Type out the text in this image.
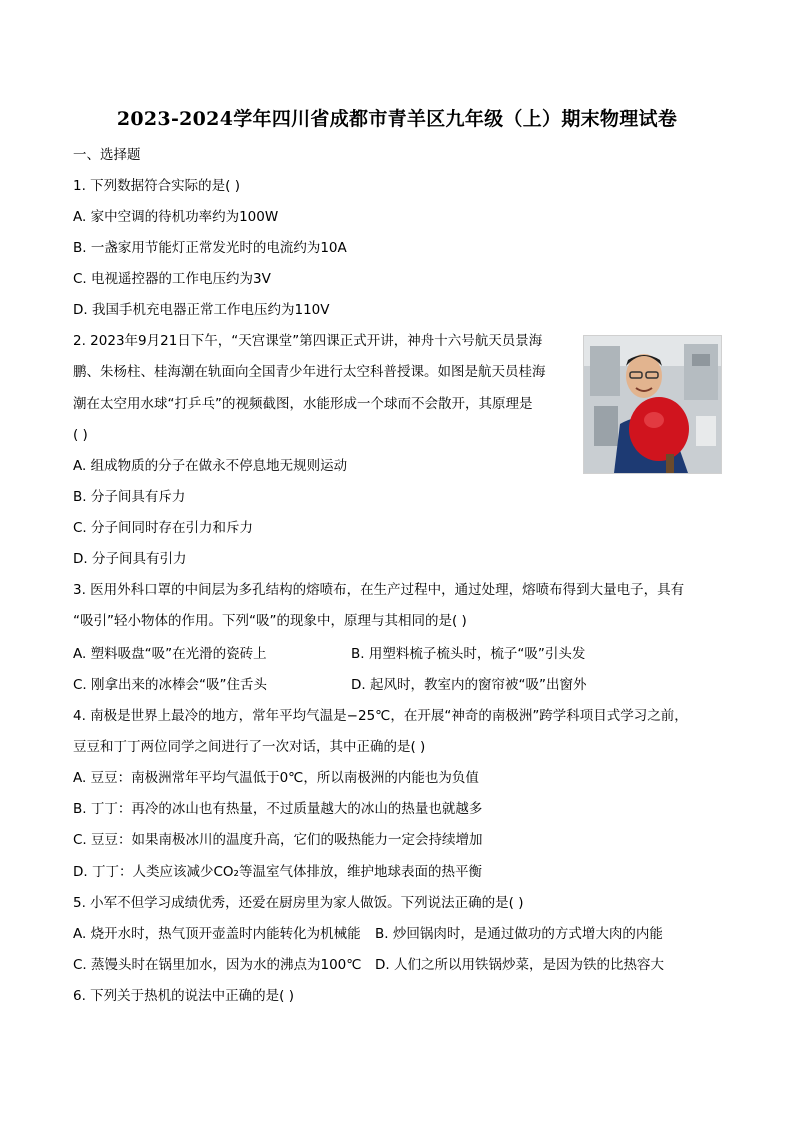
2023-2024学年四川省成都市青羊区九年级（上）期末物理试卷
一、选择题
1. 下列数据符合实际的是( )
A. 家中空调的待机功率约为100W
B. 一盏家用节能灯正常发光时的电流约为10A
C. 电视遥控器的工作电压约为3V
D. 我国手机充电器正常工作电压约为110V
2. 2023年9月21日下午，“天宫课堂”第四课正式开讲，神舟十六号航天员景海
鹏、朱杨柱、桂海潮在轨面向全国青少年进行太空科普授课。如图是航天员桂海
潮在太空用水球“打乒乓”的视频截图，水能形成一个球而不会散开，其原理是
( )
A. 组成物质的分子在做永不停息地无规则运动
B. 分子间具有斥力
C. 分子间同时存在引力和斥力
D. 分子间具有引力
3. 医用外科口罩的中间层为多孔结构的熔喷布，在生产过程中，通过处理，熔喷布得到大量电子，具有
“吸引”轻小物体的作用。下列“吸”的现象中，原理与其相同的是( )
A. 塑料吸盘“吸”在光滑的瓷砖上	B. 用塑料梳子梳头时，梳子“吸”引头发
C. 刚拿出来的冰棒会“吸”住舌头	D. 起风时，教室内的窗帘被“吸”出窗外
4. 南极是世界上最冷的地方，常年平均气温是−25℃，在开展“神奇的南极洲”跨学科项目式学习之前，
豆豆和丁丁两位同学之间进行了一次对话，其中正确的是( )
A. 豆豆：南极洲常年平均气温低于0℃，所以南极洲的内能也为负值
B. 丁丁：再冷的冰山也有热量，不过质量越大的冰山的热量也就越多
C. 豆豆：如果南极冰川的温度升高，它们的吸热能力一定会持续增加
D. 丁丁：人类应该减少CO₂等温室气体排放，维护地球表面的热平衡
5. 小军不但学习成绩优秀，还爱在厨房里为家人做饭。下列说法正确的是( )
A. 烧开水时，热气顶开壶盖时内能转化为机械能 B. 炒回锅肉时，是通过做功的方式增大肉的内能
C. 蒸馒头时在锅里加水，因为水的沸点为100℃ D. 人们之所以用铁锅炒菜，是因为铁的比热容大
6. 下列关于热机的说法中正确的是( )
